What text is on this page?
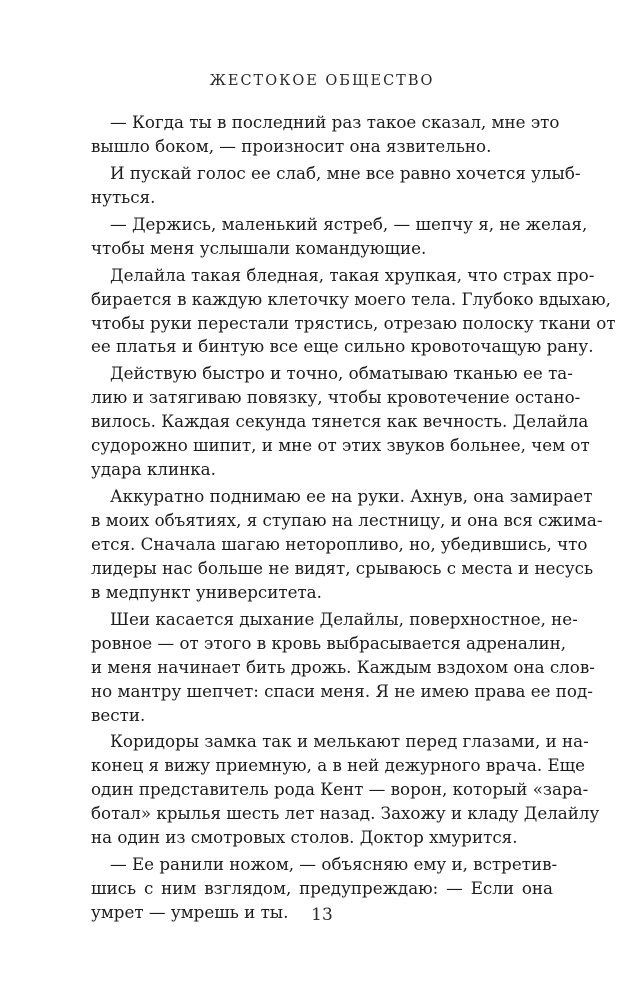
ЖЕСТОКОЕ ОБЩЕСТВО
— Когда ты в последний раз такое сказал, мне это
вышло боком, — произносит она язвительно.
И пускай голос ее слаб, мне все равно хочется улыб-
нуться.
— Держись, маленький ястреб, — шепчу я, не желая,
чтобы меня услышали командующие.
Делайла такая бледная, такая хрупкая, что страх про-
бирается в каждую клеточку моего тела. Глубоко вдыхаю,
чтобы руки перестали трястись, отрезаю полоску ткани от
ее платья и бинтую все еще сильно кровоточащую рану.
Действую быстро и точно, обматываю тканью ее та-
лию и затягиваю повязку, чтобы кровотечение остано-
вилось. Каждая секунда тянется как вечность. Делайла
судорожно шипит, и мне от этих звуков больнее, чем от
удара клинка.
Аккуратно поднимаю ее на руки. Ахнув, она замирает
в моих объятиях, я ступаю на лестницу, и она вся сжима-
ется. Сначала шагаю неторопливо, но, убедившись, что
лидеры нас больше не видят, срываюсь с места и несусь
в медпункт университета.
Шеи касается дыхание Делайлы, поверхностное, не-
ровное — от этого в кровь выбрасывается адреналин,
и меня начинает бить дрожь. Каждым вздохом она слов-
но мантру шепчет: спаси меня. Я не имею права ее под-
вести.
Коридоры замка так и мелькают перед глазами, и на-
конец я вижу приемную, а в ней дежурного врача. Еще
один представитель рода Кент — ворон, который «зара-
ботал» крылья шесть лет назад. Захожу и кладу Делайлу
на один из смотровых столов. Доктор хмурится.
— Ее ранили ножом, — объясняю ему и, встретив-
шись с ним взглядом, предупреждаю: — Если она
умрет — умрешь и ты.	13
